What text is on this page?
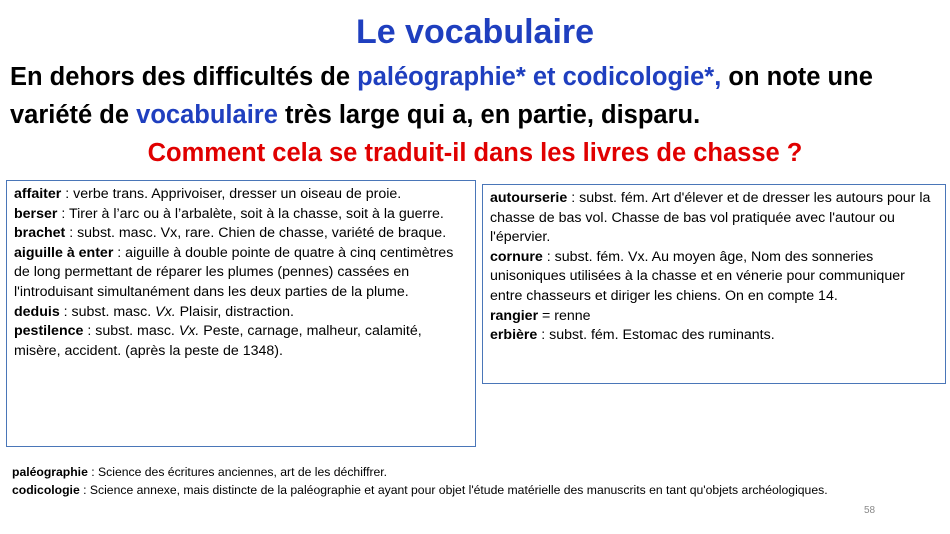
Le vocabulaire
En dehors des difficultés de paléographie* et codicologie*, on note une variété de vocabulaire très large qui a, en partie, disparu.
Comment cela se traduit-il dans les livres de chasse ?
affaiter : verbe trans. Apprivoiser, dresser un oiseau de proie.
berser : Tirer à l’arc ou à l’arbalète, soit à la chasse, soit à la guerre.
brachet : subst. masc. Vx, rare. Chien de chasse, variété de braque.
aiguille à enter : aiguille à double pointe de quatre à cinq centimètres de long permettant de réparer les plumes (pennes) cassées en l'introduisant simultanément dans les deux parties de la plume.
deduis : subst. masc. Vx. Plaisir, distraction.
pestilence : subst. masc. Vx. Peste, carnage, malheur, calamité, misère, accident. (après la peste de 1348).
autourserie : subst. fém. Art d'élever et de dresser les autours pour la chasse de bas vol. Chasse de bas vol pratiquée avec l'autour ou l'épervier.
cornure : subst. fém. Vx. Au moyen âge, Nom des sonneries unisoniques utilisées à la chasse et en vénerie pour communiquer entre chasseurs et diriger les chiens. On en compte 14.
rangier = renne
erbière : subst. fém. Estomac des ruminants.
paléographie : Science des écritures anciennes, art de les déchiffrer.
codicologie : Science annexe, mais distincte de la paléographie et ayant pour objet l'étude matérielle des manuscrits en tant qu'objets archéologiques.
58
